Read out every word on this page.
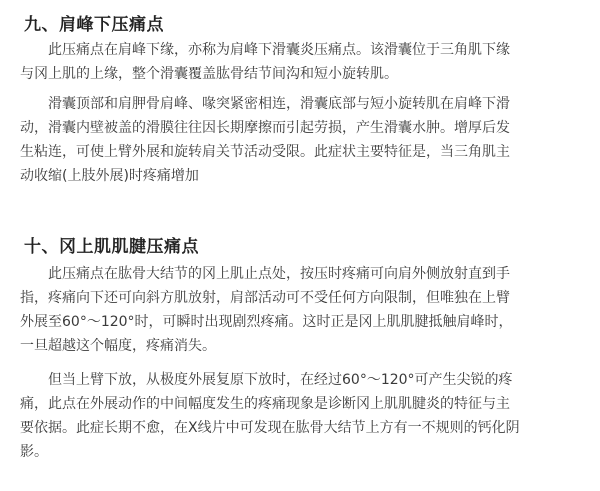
九、肩峰下压痛点
此压痛点在肩峰下缘，亦称为肩峰下滑囊炎压痛点。该滑囊位于三角肌下缘
与冈上肌的上缘，整个滑囊覆盖肱骨结节间沟和短小旋转肌。
滑囊顶部和肩胛骨肩峰、喙突紧密相连，滑囊底部与短小旋转肌在肩峰下滑
动，滑囊内壁被盖的滑膜往往因长期摩擦而引起劳损，产生滑囊水肿。增厚后发
生粘连，可使上臂外展和旋转肩关节活动受限。此症状主要特征是，当三角肌主
动收缩(上肢外展)时疼痛增加
十、冈上肌肌腱压痛点
此压痛点在肱骨大结节的冈上肌止点处，按压时疼痛可向肩外侧放射直到手
指，疼痛向下还可向斜方肌放射，肩部活动可不受任何方向限制，但唯独在上臂
外展至60°～120°时，可瞬时出现剧烈疼痛。这时正是冈上肌肌腱抵触肩峰时，
一旦超越这个幅度，疼痛消失。
但当上臂下放，从极度外展复原下放时，在经过60°～120°可产生尖锐的疼
痛，此点在外展动作的中间幅度发生的疼痛现象是诊断冈上肌肌腱炎的特征与主
要依据。此症长期不愈，在X线片中可发现在肱骨大结节上方有一不规则的钙化阴
影。
